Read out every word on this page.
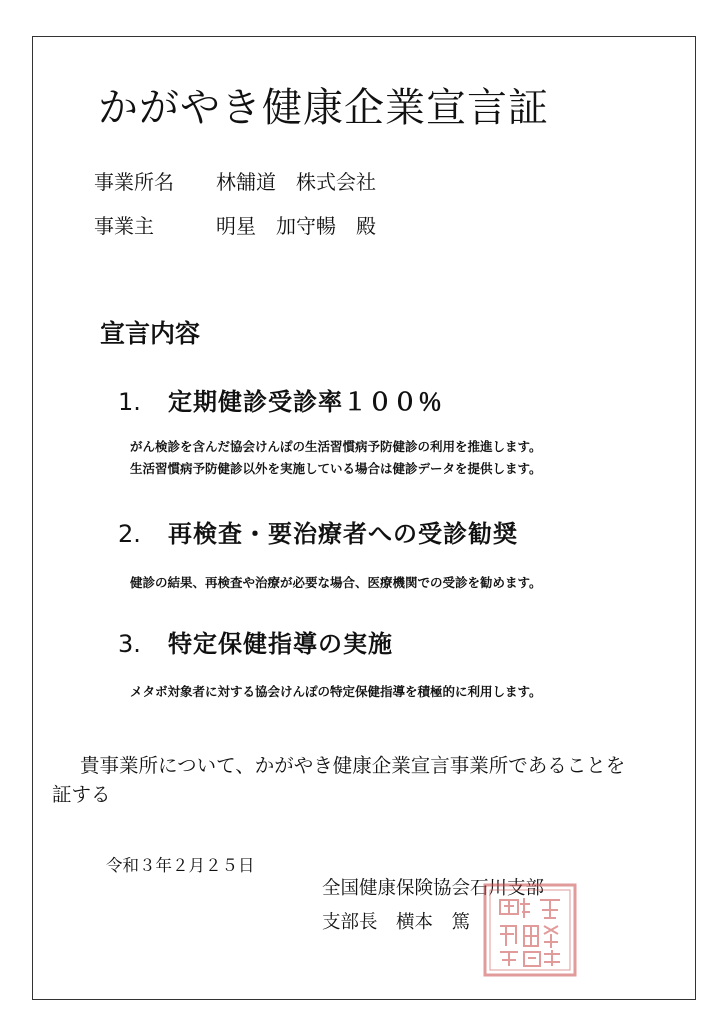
かがやき健康企業宣言証
事業所名 林舗道　株式会社
事業主	明星　加守暢　殿
宣言内容
1. 定期健診受診率１００％
がん検診を含んだ協会けんぽの生活習慣病予防健診の利用を推進します。
生活習慣病予防健診以外を実施している場合は健診データを提供します。
2. 再検査・要治療者への受診勧奨
健診の結果、再検査や治療が必要な場合、医療機関での受診を勧めます。
3. 特定保健指導の実施
メタボ対象者に対する協会けんぽの特定保健指導を積極的に利用します。
貴事業所について、かがやき健康企業宣言事業所であることを
証する
令和３年２月２５日
全国健康保険協会石川支部
支部長　横本　篤
